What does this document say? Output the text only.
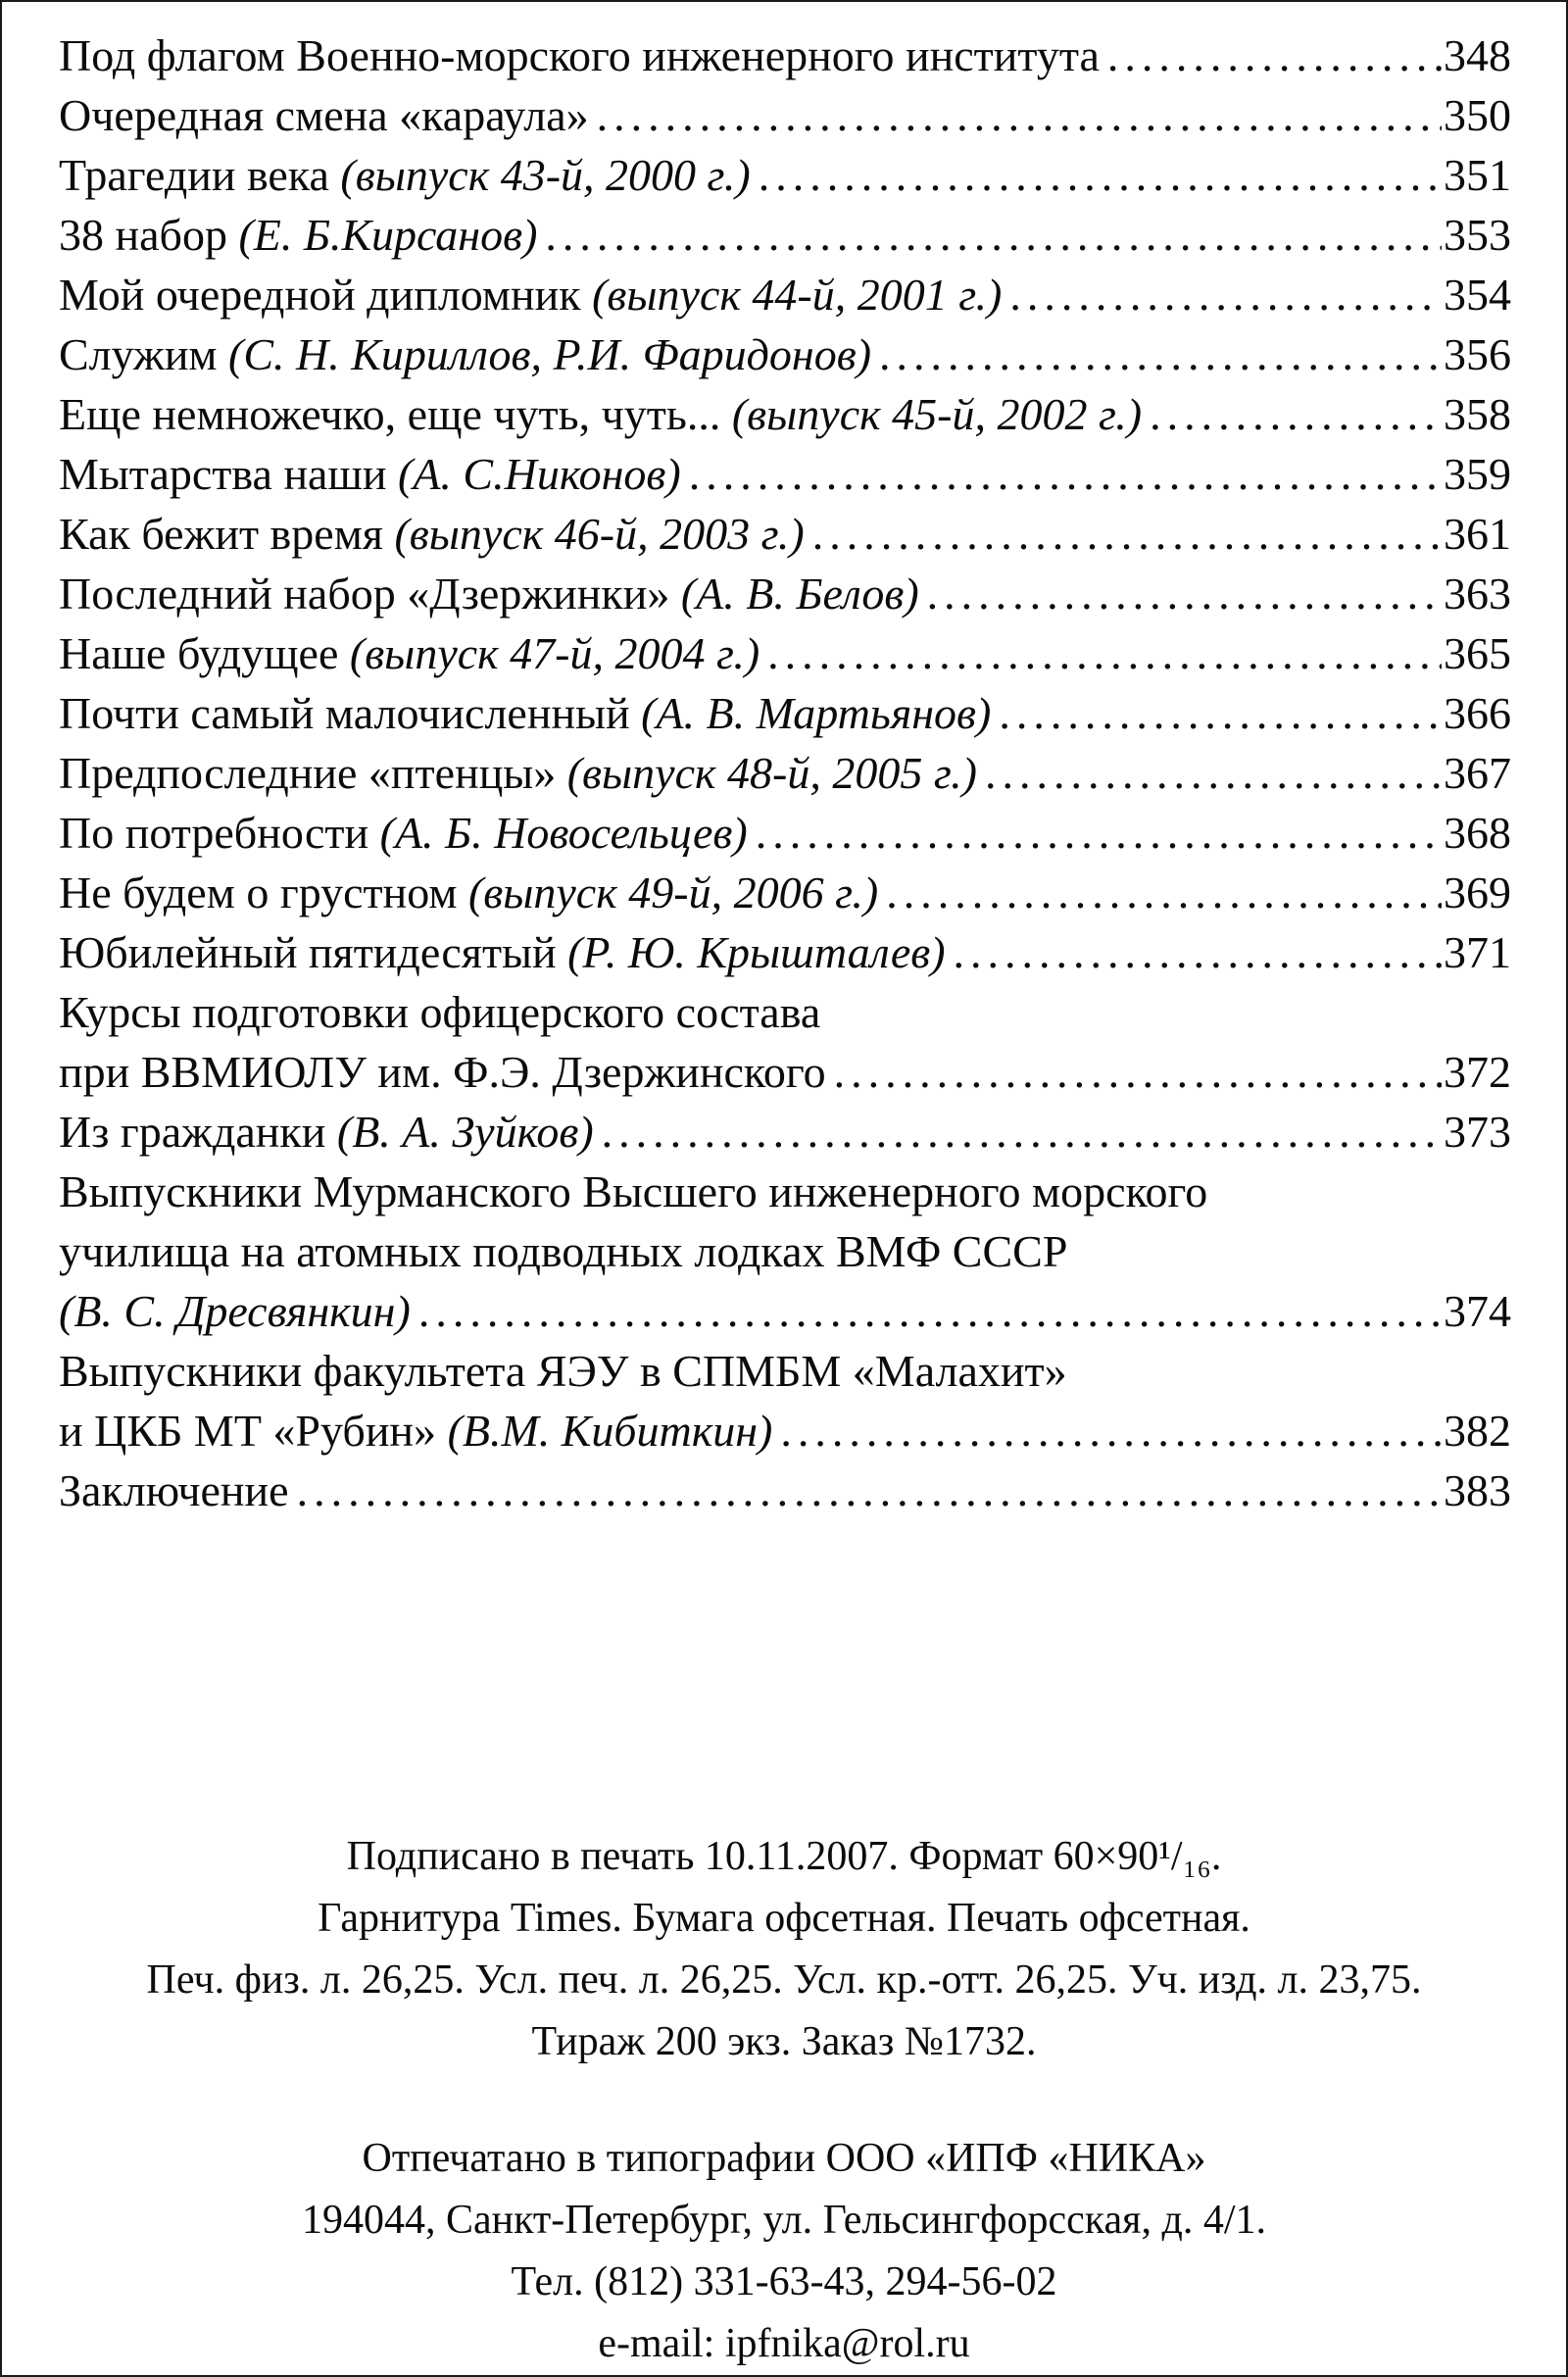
Под флагом Военно-морского инженерного института .....	348
Очередная смена «караула» .....	350
Трагедии века (выпуск 43-й, 2000 г.) .....	351
38 набор (Е. Б.Кирсанов) .....	353
Мой очередной дипломник (выпуск 44-й, 2001 г.) .....	354
Служим (С. Н. Кириллов, Р.И. Фаридонов) .....	356
Еще немножечко, еще чуть, чуть... (выпуск 45-й, 2002 г.) .....	358
Мытарства наши (А. С.Никонов) .....	359
Как бежит время (выпуск 46-й, 2003 г.) .....	361
Последний набор «Дзержинки» (А. В. Белов) .....	363
Наше будущее (выпуск 47-й, 2004 г.) .....	365
Почти самый малочисленный (А. В. Мартьянов) .....	366
Предпоследние «птенцы» (выпуск 48-й, 2005 г.) .....	367
По потребности (А. Б. Новосельцев) .....	368
Не будем о грустном (выпуск 49-й, 2006 г.) .....	369
Юбилейный пятидесятый (Р. Ю. Крышталев) .....	371
Курсы подготовки офицерского состава
при ВВМИОЛУ им. Ф.Э. Дзержинского .....	372
Из гражданки (В. А. Зуйков) .....	373
Выпускники Мурманского Высшего инженерного морского
училища на атомных подводных лодках ВМФ СССР
(В. С. Дресвянкин) .....	374
Выпускники факультета ЯЭУ в СПМБМ «Малахит»
и ЦКБ МТ «Рубин» (В.М. Кибиткин) .....	382
Заключение .....	383

Подписано в печать 10.11.2007. Формат 60×90¹/₁₆.

Гарнитура Times. Бумага офсетная. Печать офсетная.

Печ. физ. л. 26,25. Усл. печ. л. 26,25. Усл. кр.-отт. 26,25. Уч. изд. л. 23,75.

Тираж 200 экз. Заказ №1732.

Отпечатано в типографии ООО «ИПФ «НИКА»

194044, Санкт-Петербург, ул. Гельсингфорсская, д. 4/1.

Тел. (812) 331-63-43, 294-56-02

e-mail: ipfnika@rol.ru
